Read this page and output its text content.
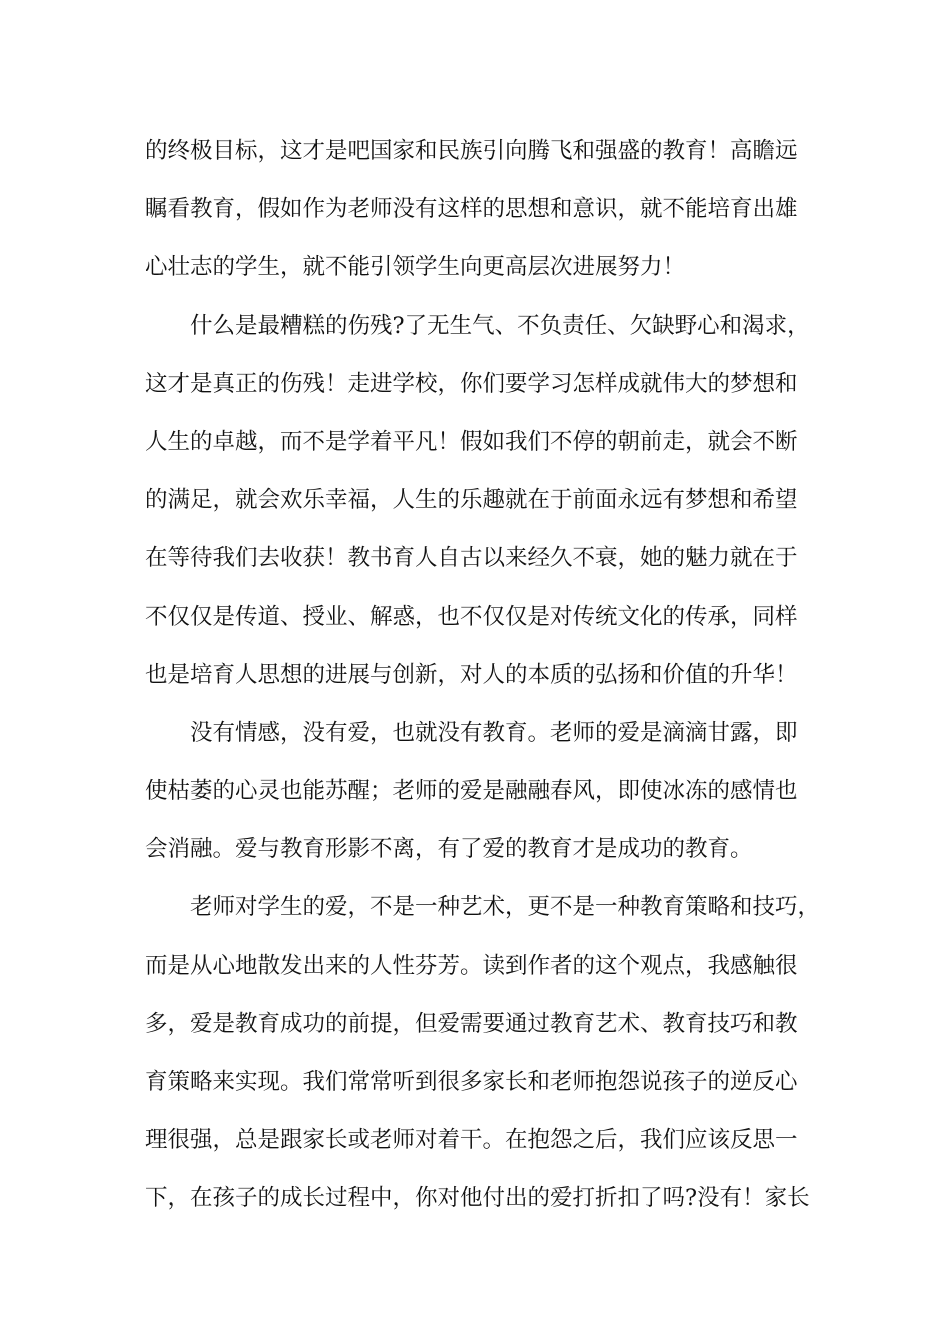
的终极目标，这才是吧国家和民族引向腾飞和强盛的教育！高瞻远
瞩看教育，假如作为老师没有这样的思想和意识，就不能培育出雄
心壮志的学生，就不能引领学生向更高层次进展努力！
什么是最糟糕的伤残?了无生气、不负责任、欠缺野心和渴求，
这才是真正的伤残！走进学校，你们要学习怎样成就伟大的梦想和
人生的卓越，而不是学着平凡！假如我们不停的朝前走，就会不断
的满足，就会欢乐幸福，人生的乐趣就在于前面永远有梦想和希望
在等待我们去收获！教书育人自古以来经久不衰，她的魅力就在于
不仅仅是传道、授业、解惑，也不仅仅是对传统文化的传承，同样
也是培育人思想的进展与创新，对人的本质的弘扬和价值的升华！
没有情感，没有爱，也就没有教育。老师的爱是滴滴甘露，即
使枯萎的心灵也能苏醒；老师的爱是融融春风，即使冰冻的感情也
会消融。爱与教育形影不离，有了爱的教育才是成功的教育。
老师对学生的爱，不是一种艺术，更不是一种教育策略和技巧，
而是从心地散发出来的人性芬芳。读到作者的这个观点，我感触很
多，爱是教育成功的前提，但爱需要通过教育艺术、教育技巧和教
育策略来实现。我们常常听到很多家长和老师抱怨说孩子的逆反心
理很强，总是跟家长或老师对着干。在抱怨之后，我们应该反思一
下，在孩子的成长过程中，你对他付出的爱打折扣了吗?没有！家长
